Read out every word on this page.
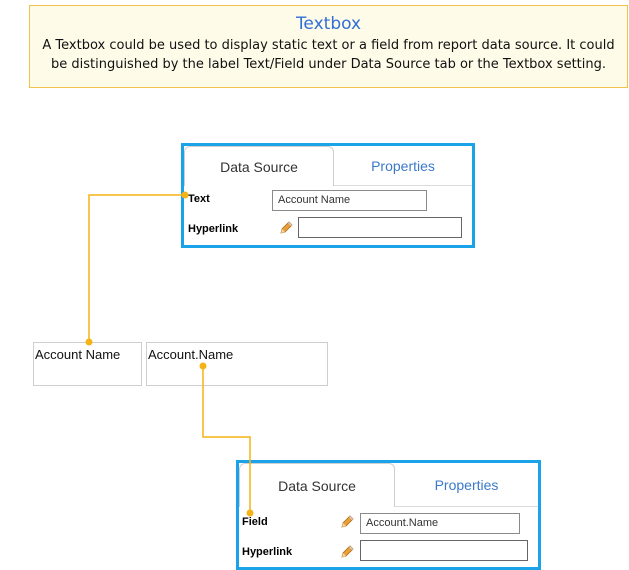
Textbox
A Textbox could be used to display static text or a field from report data source. It could be distinguished by the label Text/Field under Data Source tab or the Textbox setting.
Data Source	Properties
Text	Account Name
Hyperlink
Account Name	Account.Name
Data Source	Properties
Field	Account.Name
Hyperlink
